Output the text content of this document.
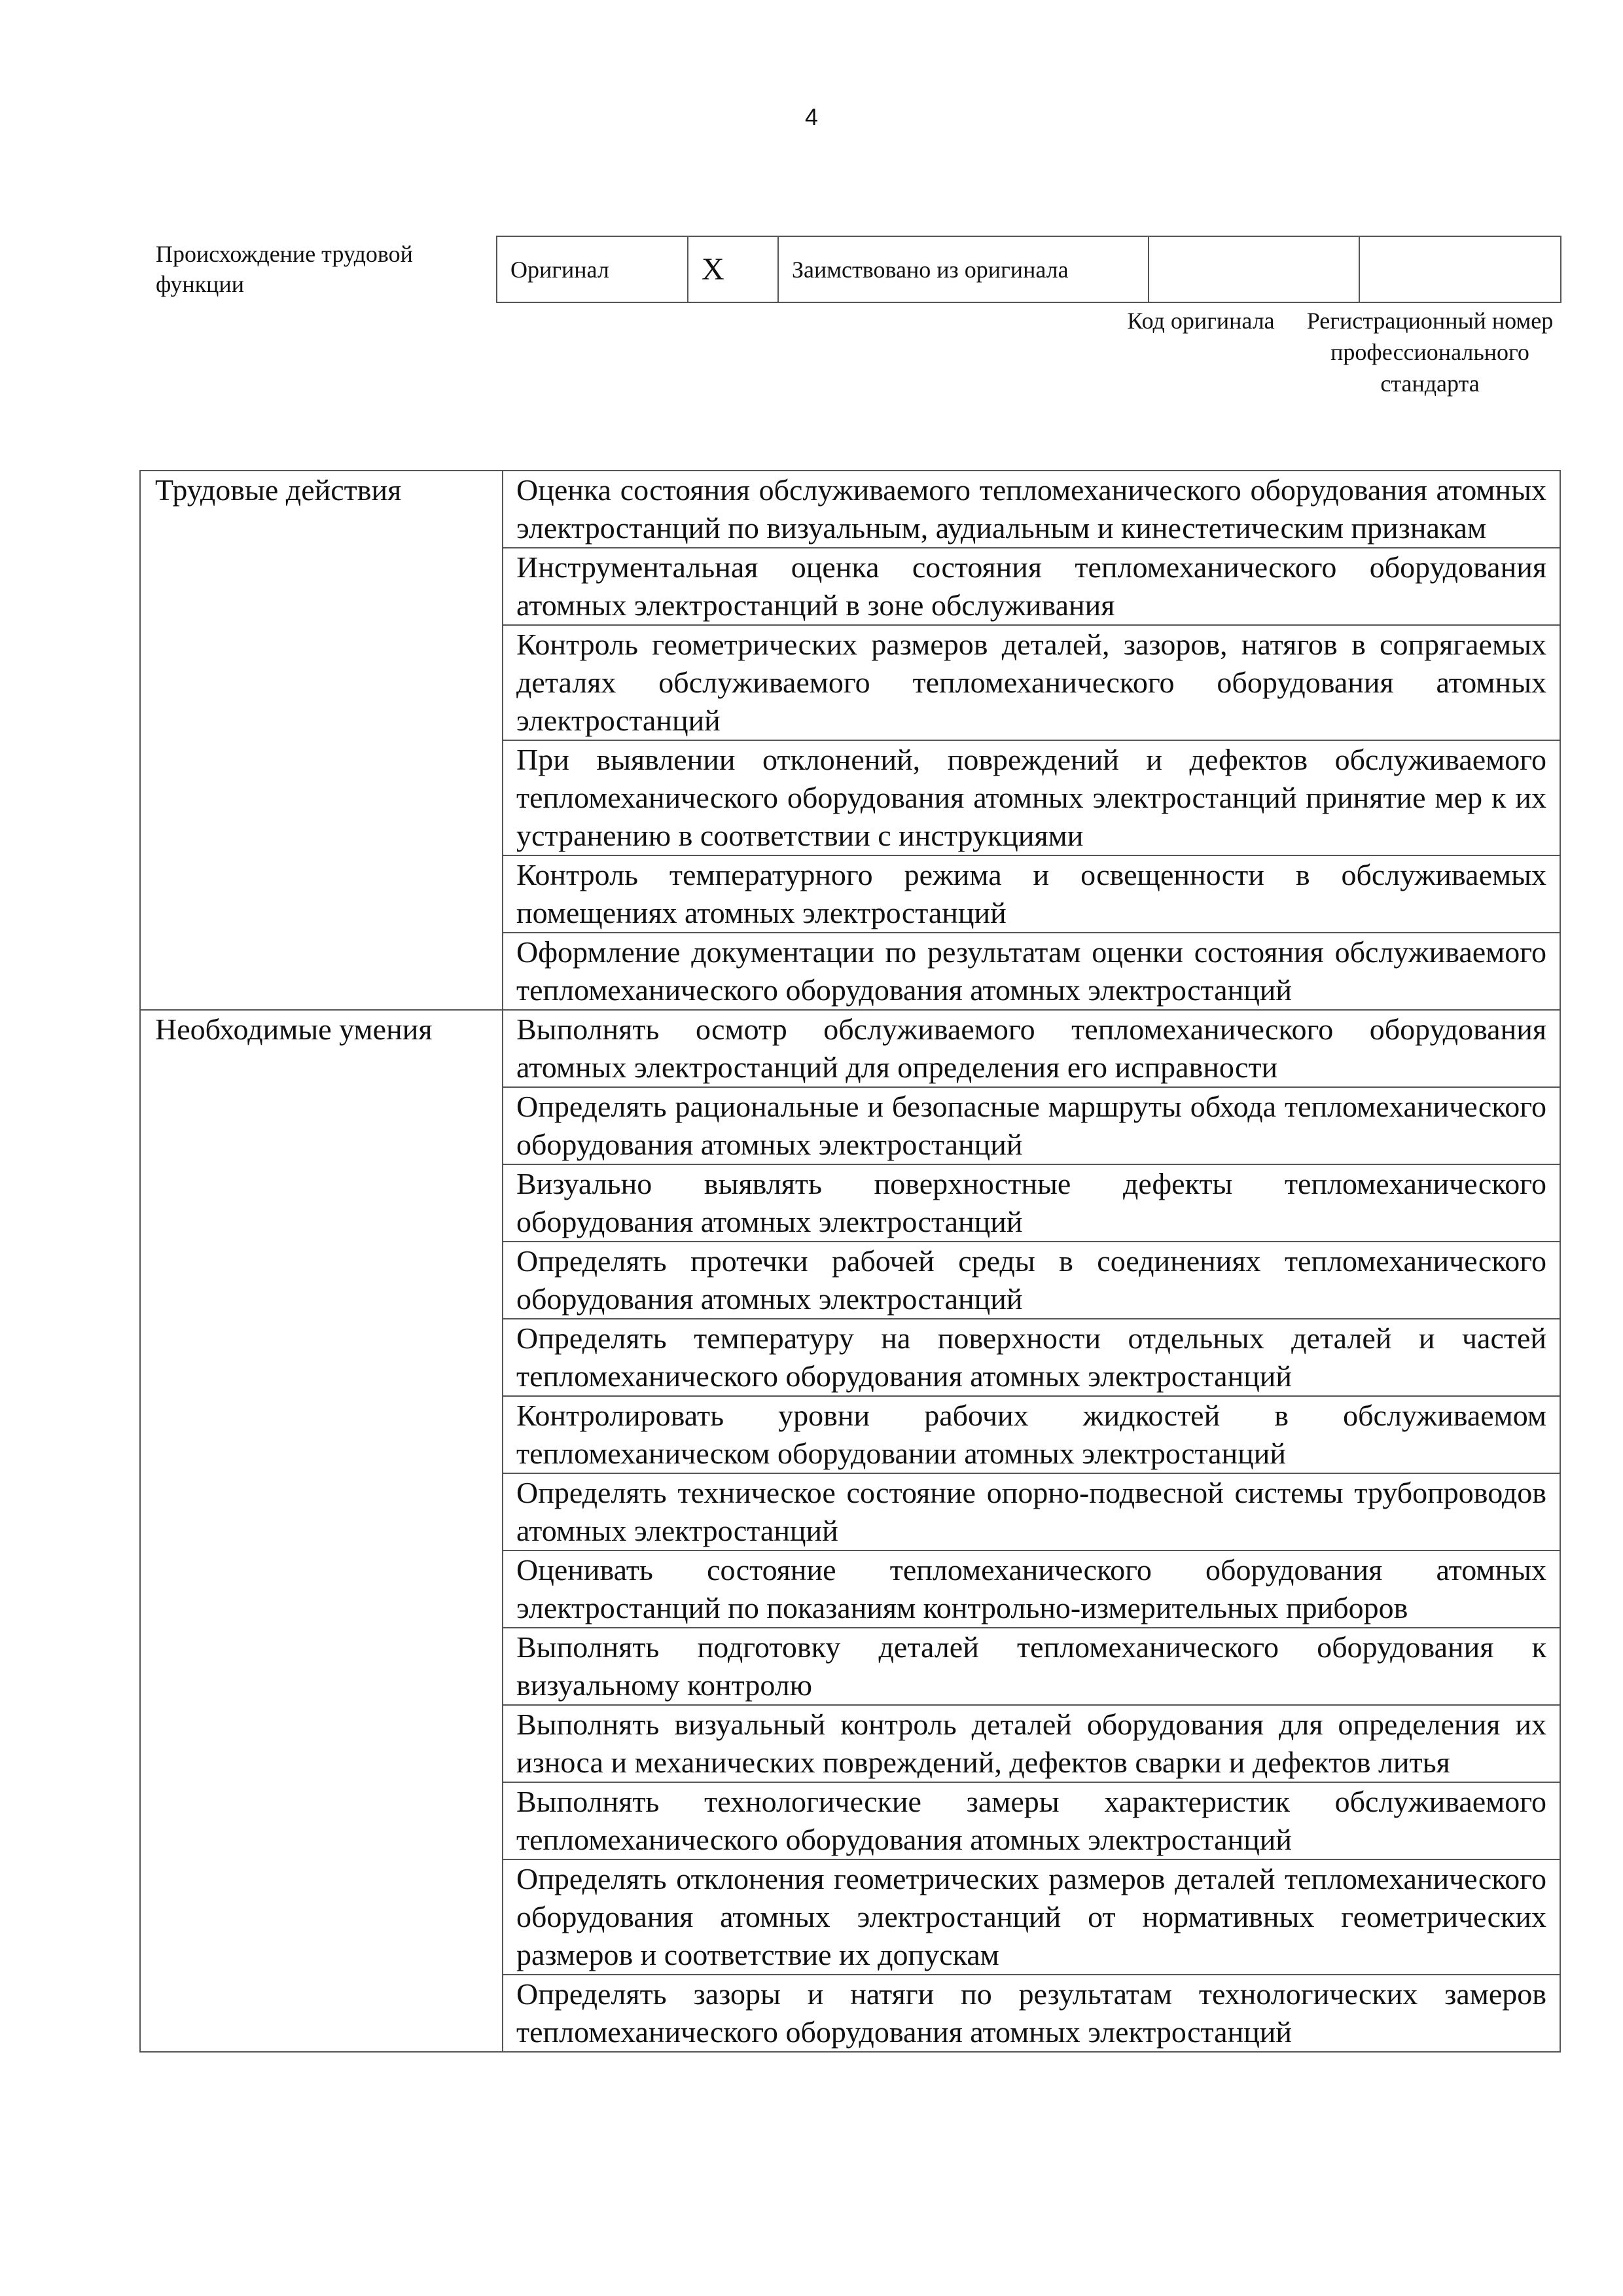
4
Происхождение трудовой функции
Оригинал	X	Заимствовано из оригинала		
Код оригинала	Регистрационный номер профессионального стандарта
Трудовые действия	Оценка состояния обслуживаемого тепломеханического оборудования атомных электростанций по визуальным, аудиальным и кинестетическим признакам
	Инструментальная оценка состояния тепломеханического оборудования атомных электростанций в зоне обслуживания
	Контроль геометрических размеров деталей, зазоров, натягов в сопрягаемых деталях обслуживаемого тепломеханического оборудования атомных электростанций
	При выявлении отклонений, повреждений и дефектов обслуживаемого тепломеханического оборудования атомных электростанций принятие мер к их устранению в соответствии с инструкциями
	Контроль температурного режима и освещенности в обслуживаемых помещениях атомных электростанций
	Оформление документации по результатам оценки состояния обслуживаемого тепломеханического оборудования атомных электростанций
Необходимые умения	Выполнять осмотр обслуживаемого тепломеханического оборудования атомных электростанций для определения его исправности
	Определять рациональные и безопасные маршруты обхода тепломеханического оборудования атомных электростанций
	Визуально выявлять поверхностные дефекты тепломеханического оборудования атомных электростанций
	Определять протечки рабочей среды в соединениях тепломеханического оборудования атомных электростанций
	Определять температуру на поверхности отдельных деталей и частей тепломеханического оборудования атомных электростанций
	Контролировать уровни рабочих жидкостей в обслуживаемом тепломеханическом оборудовании атомных электростанций
	Определять техническое состояние опорно-подвесной системы трубопроводов атомных электростанций
	Оценивать состояние тепломеханического оборудования атомных электростанций по показаниям контрольно-измерительных приборов
	Выполнять подготовку деталей тепломеханического оборудования к визуальному контролю
	Выполнять визуальный контроль деталей оборудования для определения их износа и механических повреждений, дефектов сварки и дефектов литья
	Выполнять технологические замеры характеристик обслуживаемого тепломеханического оборудования атомных электростанций
	Определять отклонения геометрических размеров деталей тепломеханического оборудования атомных электростанций от нормативных геометрических размеров и соответствие их допускам
	Определять зазоры и натяги по результатам технологических замеров тепломеханического оборудования атомных электростанций
